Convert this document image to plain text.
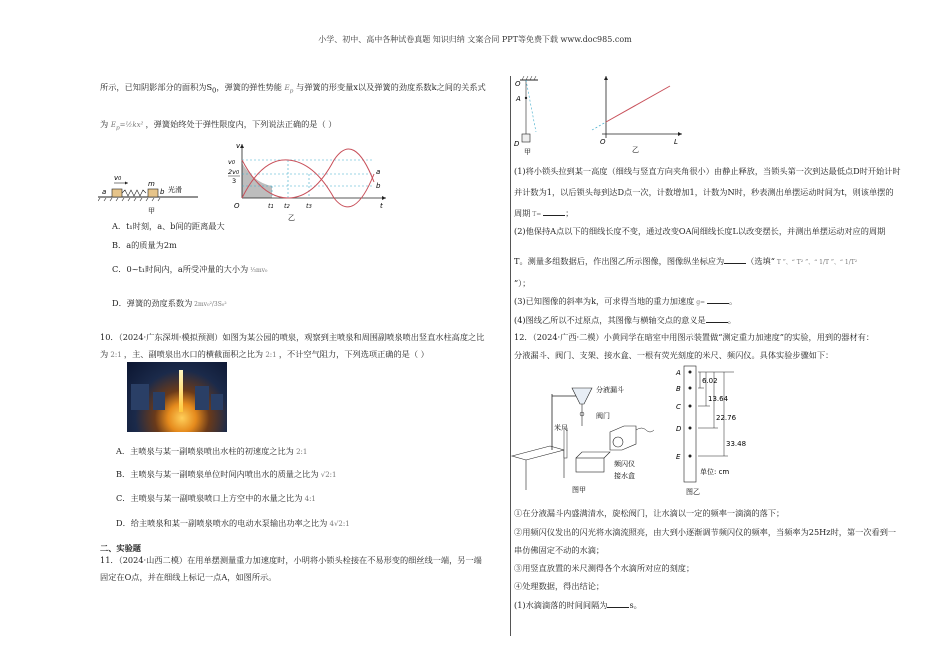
小学、初中、高中各种试卷真题 知识归纳 文案合同 PPT等免费下载 www.doc985.com
所示，已知阴影部分的面积为$S_0$，弹簧的弹性势能 $E_p$ 与弹簧的形变量x以及弹簧的劲度系数k之间的关系式
为 $E_p=\frac{1}{2}kx^2$ ，弹簧始终处于弹性限度内，下列说法正确的是（ ）
v0
a
m
b 光滑
甲
v
v0
2v0
3
O	t1 t2	t3	t
a
b
乙
A．t₁时刻，a、b间的距离最大
B．a的质量为2m
C．0~t₁时间内，a所受冲量的大小为 ⅓mv₀
D．弹簧的劲度系数为 2mv₀²/3S₀²
10．（2024·广东深圳·模拟预测）如图为某公园的喷泉，观察到主喷泉和周围副喷泉喷出竖直水柱高度之比
为 2:1 ，主、副喷泉出水口的横截面积之比为 2:1 ，不计空气阻力，下列选项正确的是（ ）
A．主喷泉与某一副喷泉喷出水柱的初速度之比为 2:1
B．主喷泉与某一副喷泉单位时间内喷出水的质量之比为 √2:1
C．主喷泉与某一副喷泉喷口上方空中的水量之比为 4:1
D．给主喷泉和某一副喷泉喷水的电动水泵输出功率之比为 4√2:1
二、实验题
11．（2024·山西二模）在用单摆测量重力加速度时，小明将小锁头栓接在不易形变的细丝线一端，另一端
固定在O点，并在细线上标记一点A，如图所示。
O
A
D
甲
O	L
乙
(1)将小锁头拉到某一高度（细线与竖直方向夹角很小）由静止释放，当锁头第一次到达最低点D时开始计时
并计数为1，以后锁头每到达D点一次，计数增加1，计数为N时，秒表测出单摆运动时间为t，则该单摆的
周期 T=	；
(2)他保持A点以下的细线长度不变，通过改变OA间细线长度L以改变摆长，并测出单摆运动对应的周期
T。测量多组数据后，作出图乙所示图像，图像纵坐标应为	（选填“ T ”、“ T² ”、“ 1/T ”、“ 1/T²
”）；
(3)已知图像的斜率为k，可求得当地的重力加速度 g=	。
(4)图线乙所以不过原点，其图像与横轴交点的意义是	。
12．（2024·广西·二模）小黄同学在暗室中用图示装置做“测定重力加速度”的实验，用到的器材有：
分液漏斗、阀门、支架、接水盒、一根有荧光刻度的米尺、频闪仪。具体实验步骤如下：
分液漏斗
阀门
米尺
频闪仪
接水盒
图甲
A
B
C
D
E
6.02
13.64
22.76
33.48
单位: cm
图乙
①在分液漏斗内盛满清水，旋松阀门，让水滴以一定的频率一滴滴的落下；
②用频闪仪发出的闪光将水滴流照亮，由大到小逐渐调节频闪仪的频率，当频率为25Hz时，第一次看到一
串仿佛固定不动的水滴；
③用竖直放置的米尺测得各个水滴所对应的刻度；
④处理数据，得出结论；
(1)水滴滴落的时间间隔为	s。
